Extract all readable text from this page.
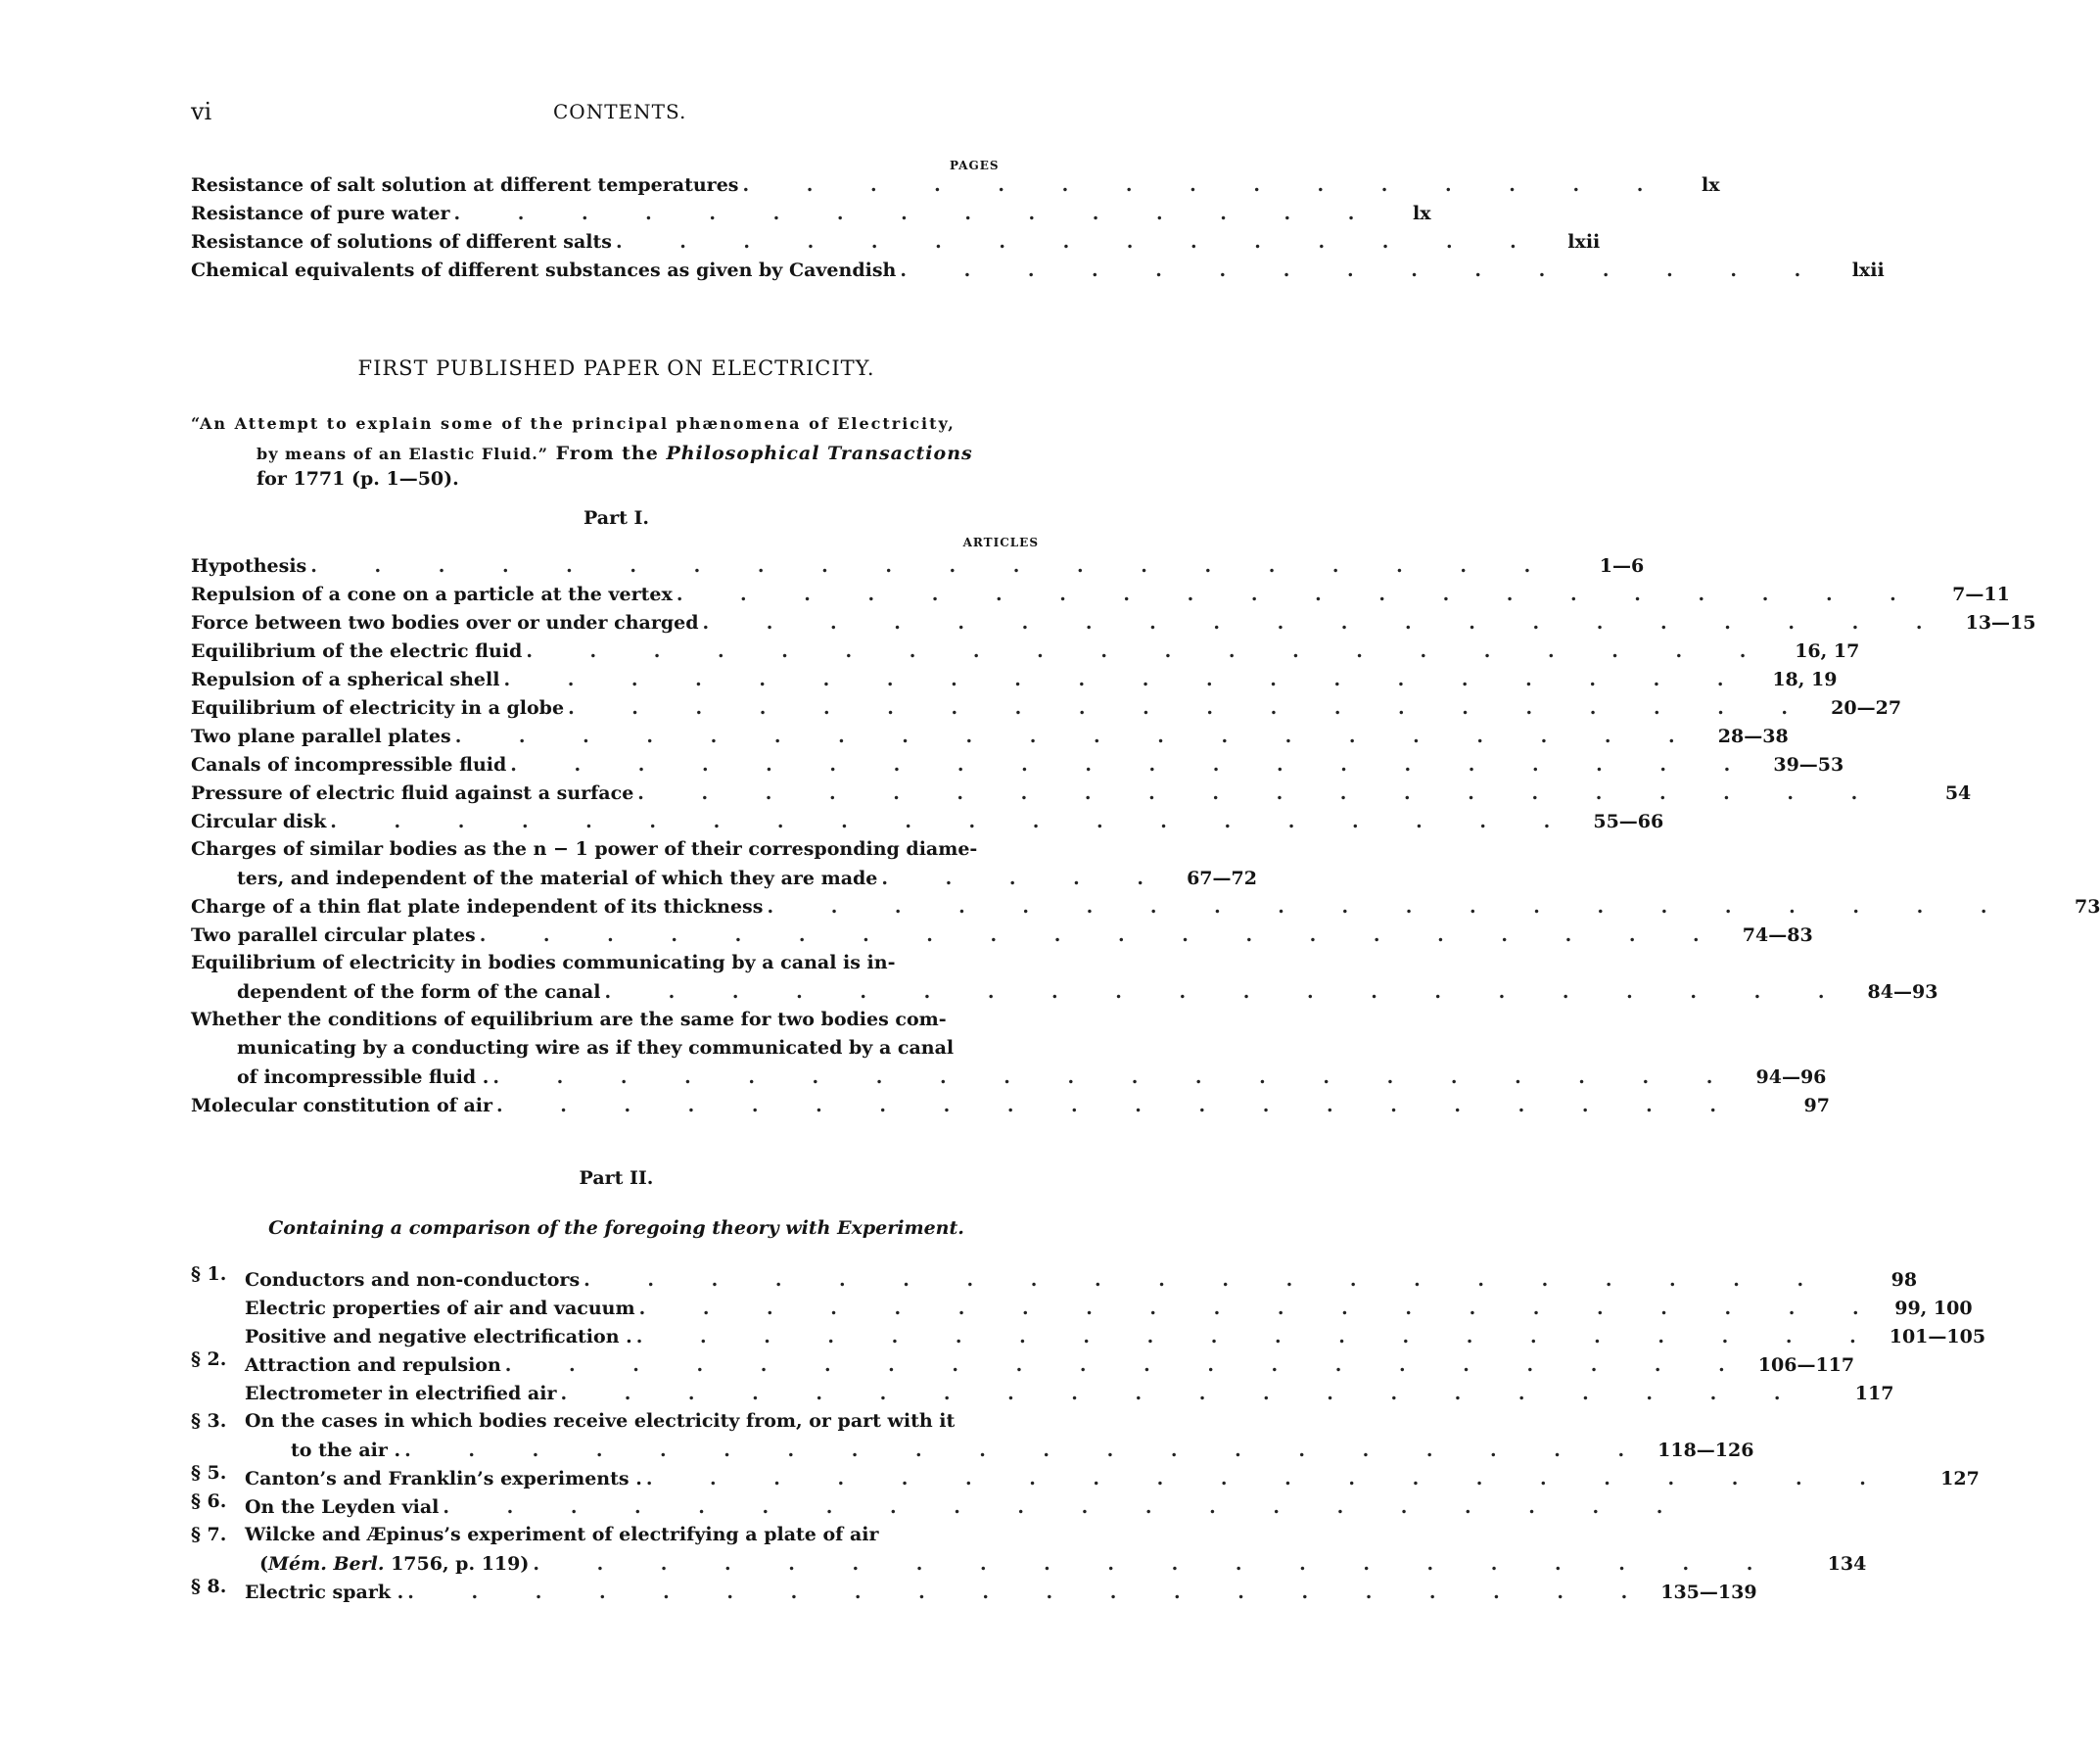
vi	CONTENTS.
PAGES
Resistance of salt solution at different temperatures . . . . . . . . . . . . . . .	lx
Resistance of pure water . . . . . . . . . . . . . . .	lx
Resistance of solutions of different salts . . . . . . . . . . . . . . .	lxii
Chemical equivalents of different substances as given by Cavendish . . . . . . . . . . . . . . .	lxii
FIRST PUBLISHED PAPER ON ELECTRICITY.
“An Attempt to explain some of the principal phænomena of Electricity,
by means of an Elastic Fluid.” From the Philosophical Transactions
for 1771 (p. 1—50).
Part I.
ARTICLES
Hypothesis . . . . . . . . . . . . . . . . . . . .	1—6
Repulsion of a cone on a particle at the vertex . . . . . . . . . . . . . . . . . . . .	7—11
Force between two bodies over or under charged . . . . . . . . . . . . . . . . . . . . 13—15
Equilibrium of the electric fluid . . . . . . . . . . . . . . . . . . . .	16, 17
Repulsion of a spherical shell . . . . . . . . . . . . . . . . . . . .	18, 19
Equilibrium of electricity in a globe . . . . . . . . . . . . . . . . . . . . 20—27
Two plane parallel plates . . . . . . . . . . . . . . . . . . . . 28—38
Canals of incompressible fluid . . . . . . . . . . . . . . . . . . . . 39—53
Pressure of electric fluid against a surface . . . . . . . . . . . . . . . . . . . .	54
Circular disk . . . . . . . . . . . . . . . . . . . . 55—66
Charges of similar bodies as the n − 1 power of their corresponding diame-
ters, and independent of the material of which they are made . . . . . 67—72
Charge of a thin flat plate independent of its thickness . . . . . . . . . . . . . . . . . . . .	73
Two parallel circular plates . . . . . . . . . . . . . . . . . . . . 74—83
Equilibrium of electricity in bodies communicating by a canal is in-
dependent of the form of the canal . . . . . . . . . . . . . . . . . . . . 84—93
Whether the conditions of equilibrium are the same for two bodies com-
municating by a conducting wire as if they communicated by a canal
of incompressible fluid . . . . . . . . . . . . . . . . . . . . . 94—96
Molecular constitution of air . . . . . . . . . . . . . . . . . . . .	97
Part II.
Containing a comparison of the foregoing theory with Experiment.
§ 1. Conductors and non-conductors . . . . . . . . . . . . . . . . . . . .	98
Electric properties of air and vacuum . . . . . . . . . . . . . . . . . . . . 99, 100
Positive and negative electrification . . . . . . . . . . . . . . . . . . . . . 101—105
§ 2. Attraction and repulsion . . . . . . . . . . . . . . . . . . . . 106—117
Electrometer in electrified air . . . . . . . . . . . . . . . . . . . .	117
§ 3. On the cases in which bodies receive electricity from, or part with it
to the air . . . . . . . . . . . . . . . . . . . . . 118—126
§ 5. Canton’s and Franklin’s experiments . . . . . . . . . . . . . . . . . . . . .	127
§ 6. On the Leyden vial . . . . . . . . . . . . . . . . . . . .
§ 7. Wilcke and Æpinus’s experiment of electrifying a plate of air
(Mém. Berl. 1756, p. 119) . . . . . . . . . . . . . . . . . . . .	134
§ 8. Electric spark . . . . . . . . . . . . . . . . . . . . . 135—139
